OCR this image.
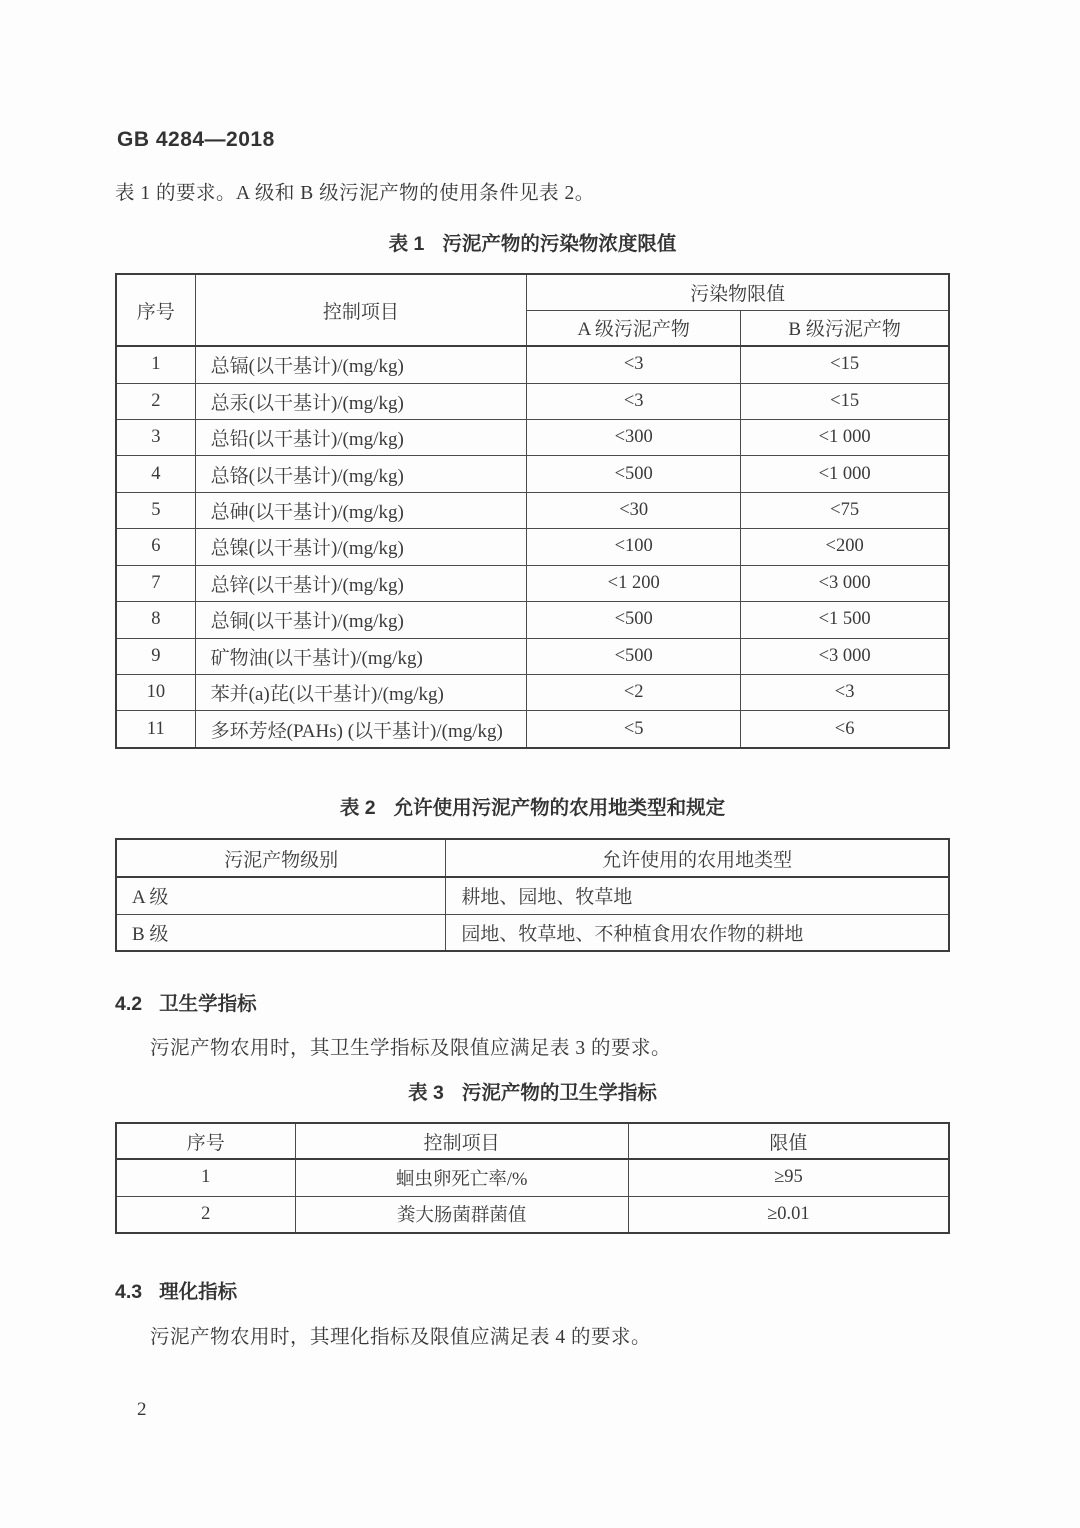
GB 4284—2018

表 1 的要求。A 级和 B 级污泥产物的使用条件见表 2。

表 1 污泥产物的污染物浓度限值
序号	控制项目	污染物限值	
		A 级污泥产物	B 级污泥产物
1	总镉(以干基计)/(mg/kg)	<3	<15
2	总汞(以干基计)/(mg/kg)	<3	<15
3	总铅(以干基计)/(mg/kg)	<300	<1 000
4	总铬(以干基计)/(mg/kg)	<500	<1 000
5	总砷(以干基计)/(mg/kg)	<30	<75
6	总镍(以干基计)/(mg/kg)	<100	<200
7	总锌(以干基计)/(mg/kg)	<1 200	<3 000
8	总铜(以干基计)/(mg/kg)	<500	<1 500
9	矿物油(以干基计)/(mg/kg)	<500	<3 000
10	苯并(a)芘(以干基计)/(mg/kg)	<2	<3
11	多环芳烃(PAHs) (以干基计)/(mg/kg)	<5	<6
表 2 允许使用污泥产物的农用地类型和规定
污泥产物级别	允许使用的农用地类型
A 级	耕地、园地、牧草地
B 级	园地、牧草地、不种植食用农作物的耕地
4.2 卫生学指标

污泥产物农用时，其卫生学指标及限值应满足表 3 的要求。

表 3 污泥产物的卫生学指标
序号	控制项目	限值
1	蛔虫卵死亡率/%	≥95
2	粪大肠菌群菌值	≥0.01
4.3 理化指标

污泥产物农用时，其理化指标及限值应满足表 4 的要求。

2
